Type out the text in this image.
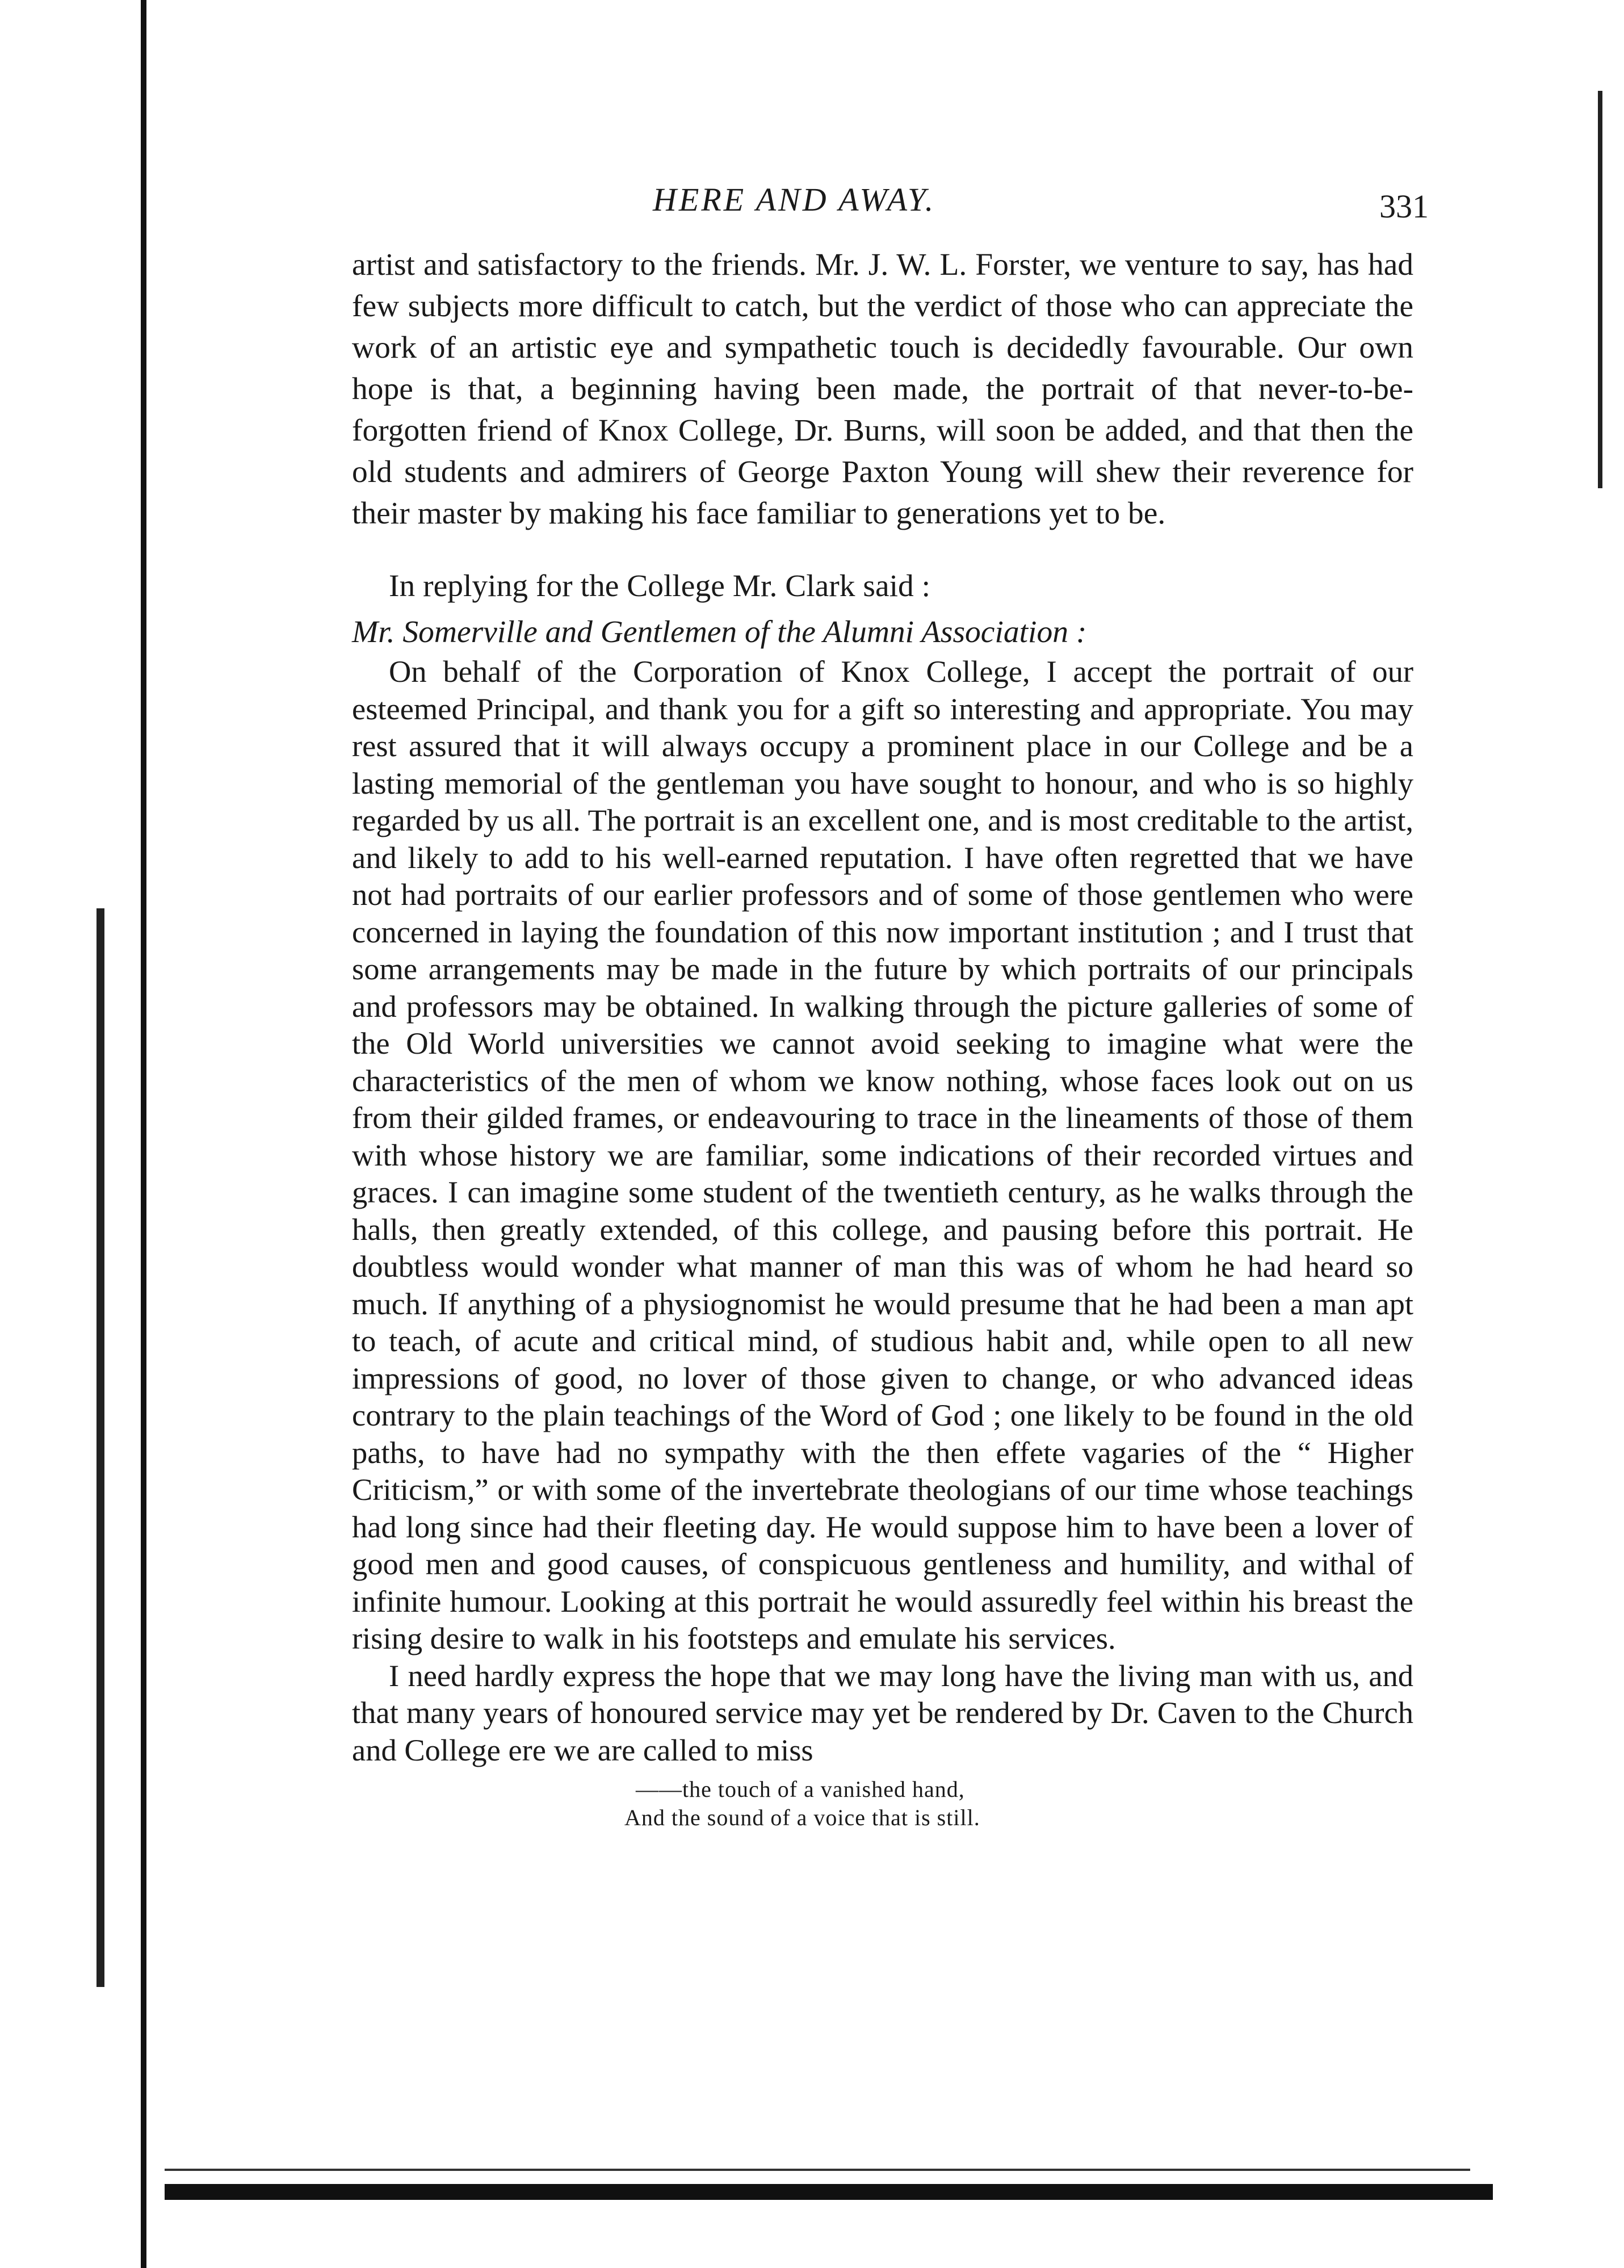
HERE AND AWAY.	331

artist and satisfactory to the friends. Mr. J. W. L. Forster, we venture to say, has had few subjects more difficult to catch, but the verdict of those who can appreciate the work of an artistic eye and sympathetic touch is decidedly favourable. Our own hope is that, a beginning having been made, the portrait of that never-to-be-forgotten friend of Knox College, Dr. Burns, will soon be added, and that then the old students and admirers of George Paxton Young will shew their reverence for their master by making his face familiar to generations yet to be.

In replying for the College Mr. Clark said :

Mr. Somerville and Gentlemen of the Alumni Association :

On behalf of the Corporation of Knox College, I accept the portrait of our esteemed Principal, and thank you for a gift so interesting and appropriate. You may rest assured that it will always occupy a prominent place in our College and be a lasting memorial of the gentleman you have sought to honour, and who is so highly regarded by us all. The portrait is an excellent one, and is most creditable to the artist, and likely to add to his well-earned reputation. I have often regretted that we have not had portraits of our earlier professors and of some of those gentlemen who were concerned in laying the foundation of this now important institution ; and I trust that some arrangements may be made in the future by which portraits of our principals and professors may be obtained. In walking through the picture galleries of some of the Old World universities we cannot avoid seeking to imagine what were the characteristics of the men of whom we know nothing, whose faces look out on us from their gilded frames, or endeavouring to trace in the lineaments of those of them with whose history we are familiar, some indications of their recorded virtues and graces. I can imagine some student of the twentieth century, as he walks through the halls, then greatly extended, of this college, and pausing before this portrait. He doubtless would wonder what manner of man this was of whom he had heard so much. If anything of a physiognomist he would presume that he had been a man apt to teach, of acute and critical mind, of studious habit and, while open to all new impressions of good, no lover of those given to change, or who advanced ideas contrary to the plain teachings of the Word of God ; one likely to be found in the old paths, to have had no sympathy with the then effete vagaries of the “ Higher Criticism,” or with some of the invertebrate theologians of our time whose teachings had long since had their fleeting day. He would suppose him to have been a lover of good men and good causes, of conspicuous gentleness and humility, and withal of infinite humour. Looking at this portrait he would assuredly feel within his breast the rising desire to walk in his footsteps and emulate his services.

I need hardly express the hope that we may long have the living man with us, and that many years of honoured service may yet be rendered by Dr. Caven to the Church and College ere we are called to miss

——the touch of a vanished hand,
And the sound of a voice that is still.
